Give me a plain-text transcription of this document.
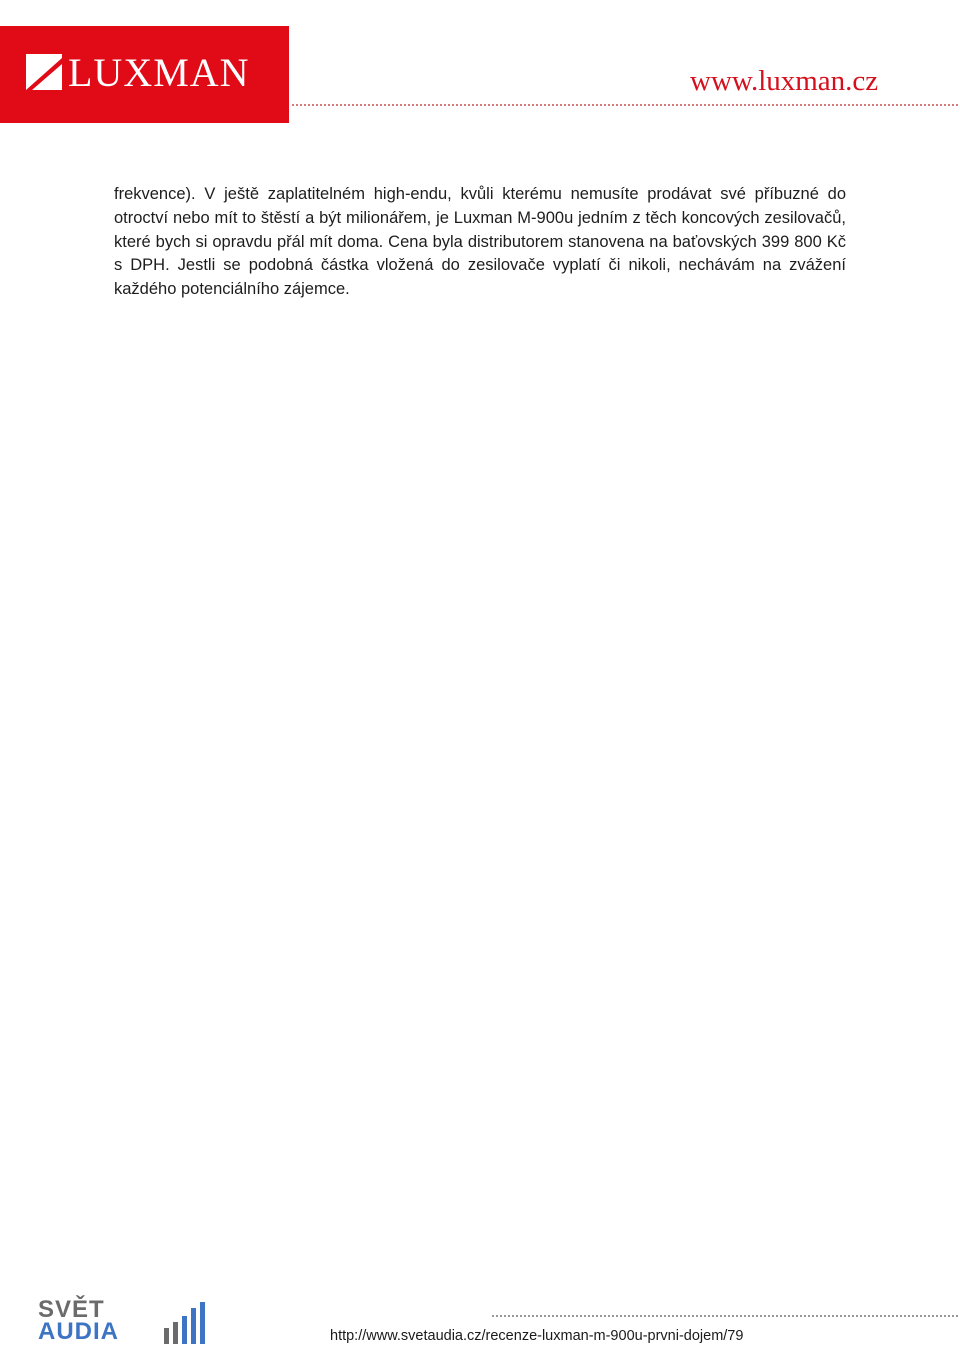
LUXMAN	www.luxman.cz
frekvence). V ještě zaplatitelném high-endu, kvůli kterému nemusíte prodávat své příbuzné do otroctví nebo mít to štěstí a být milionářem, je Luxman M-900u jedním z těch koncových zesilovačů, které bych si opravdu přál mít doma. Cena byla distributorem stanovena na baťovských 399 800 Kč s DPH. Jestli se podobná částka vložená do zesilovače vyplatí či nikoli, nechávám na zvážení každého potenciálního zájemce.
SVĚT
AUDIA	http://www.svetaudia.cz/recenze-luxman-m-900u-prvni-dojem/79
